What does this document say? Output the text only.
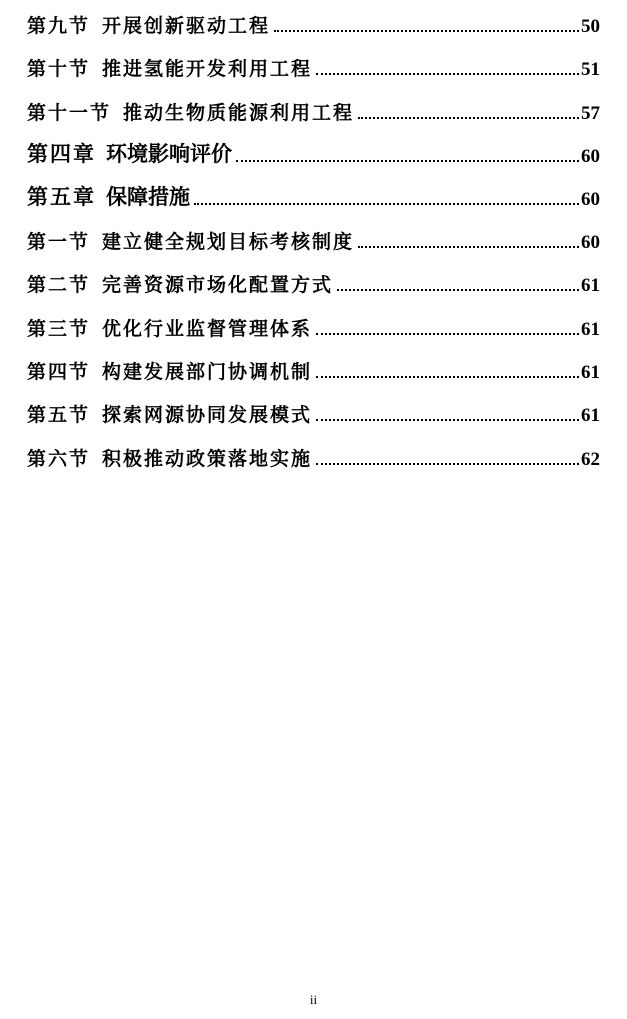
第九节 开展创新驱动工程	50
第十节 推进氢能开发利用工程	51
第十一节 推动生物质能源利用工程	57
第四章 环境影响评价	60
第五章 保障措施	60
第一节 建立健全规划目标考核制度	60
第二节 完善资源市场化配置方式	61
第三节 优化行业监督管理体系	61
第四节 构建发展部门协调机制	61
第五节 探索网源协同发展模式	61
第六节 积极推动政策落地实施	62
ii
